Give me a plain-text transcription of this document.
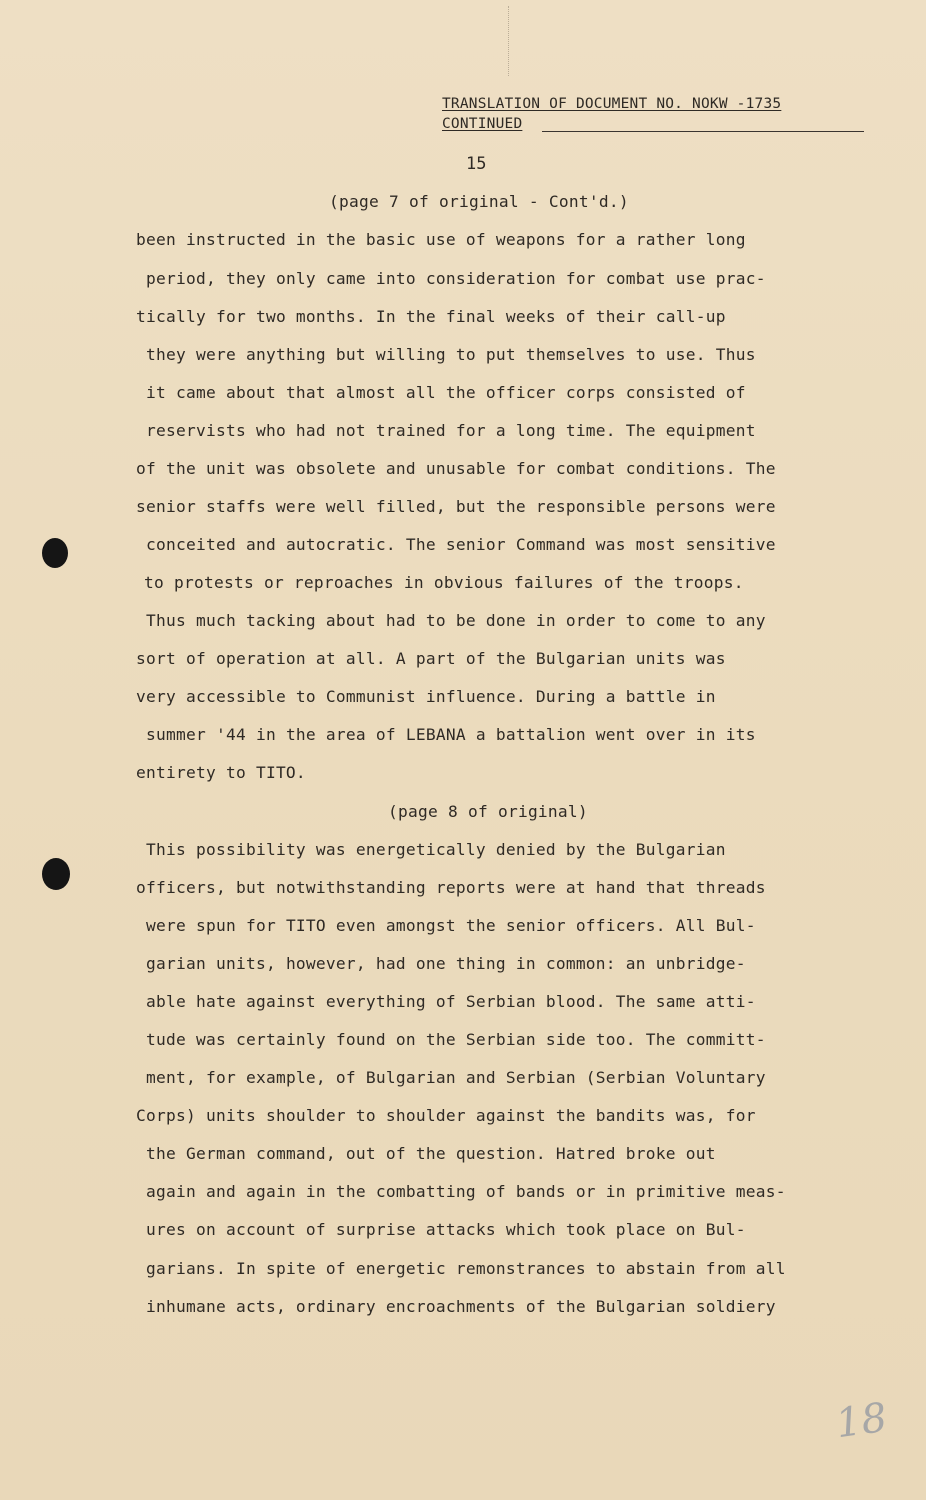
TRANSLATION OF DOCUMENT NO. NOKW -1735
CONTINUED
15
(page 7 of original - Cont'd.)
been instructed in the basic use of weapons for a rather long
period, they only came into consideration for combat use prac-
tically for two months. In the final weeks of their call-up
they were anything but willing to put themselves to use. Thus
it came about that almost all the officer corps consisted of
reservists who had not trained for a long time. The equipment
of the unit was obsolete and unusable for combat conditions. The
senior staffs were well filled, but the responsible persons were
conceited and autocratic. The senior Command was most sensitive
to protests or reproaches in obvious failures of the troops.
Thus much tacking about had to be done in order to come to any
sort of operation at all. A part of the Bulgarian units was
very accessible to Communist influence. During a battle in
summer '44 in the area of LEBANA a battalion went over in its
entirety to TITO.
(page 8 of original)
This possibility was energetically denied by the Bulgarian
officers, but notwithstanding reports were at hand that threads
were spun for TITO even amongst the senior officers. All Bul-
garian units, however, had one thing in common: an unbridge-
able hate against everything of Serbian blood. The same atti-
tude was certainly found on the Serbian side too. The committ-
ment, for example, of Bulgarian and Serbian (Serbian Voluntary
Corps) units shoulder to shoulder against the bandits was, for
the German command, out of the question. Hatred broke out
again and again in the combatting of bands or in primitive meas-
ures on account of surprise attacks which took place on Bul-
garians. In spite of energetic remonstrances to abstain from all
inhumane acts, ordinary encroachments of the Bulgarian soldiery
18
